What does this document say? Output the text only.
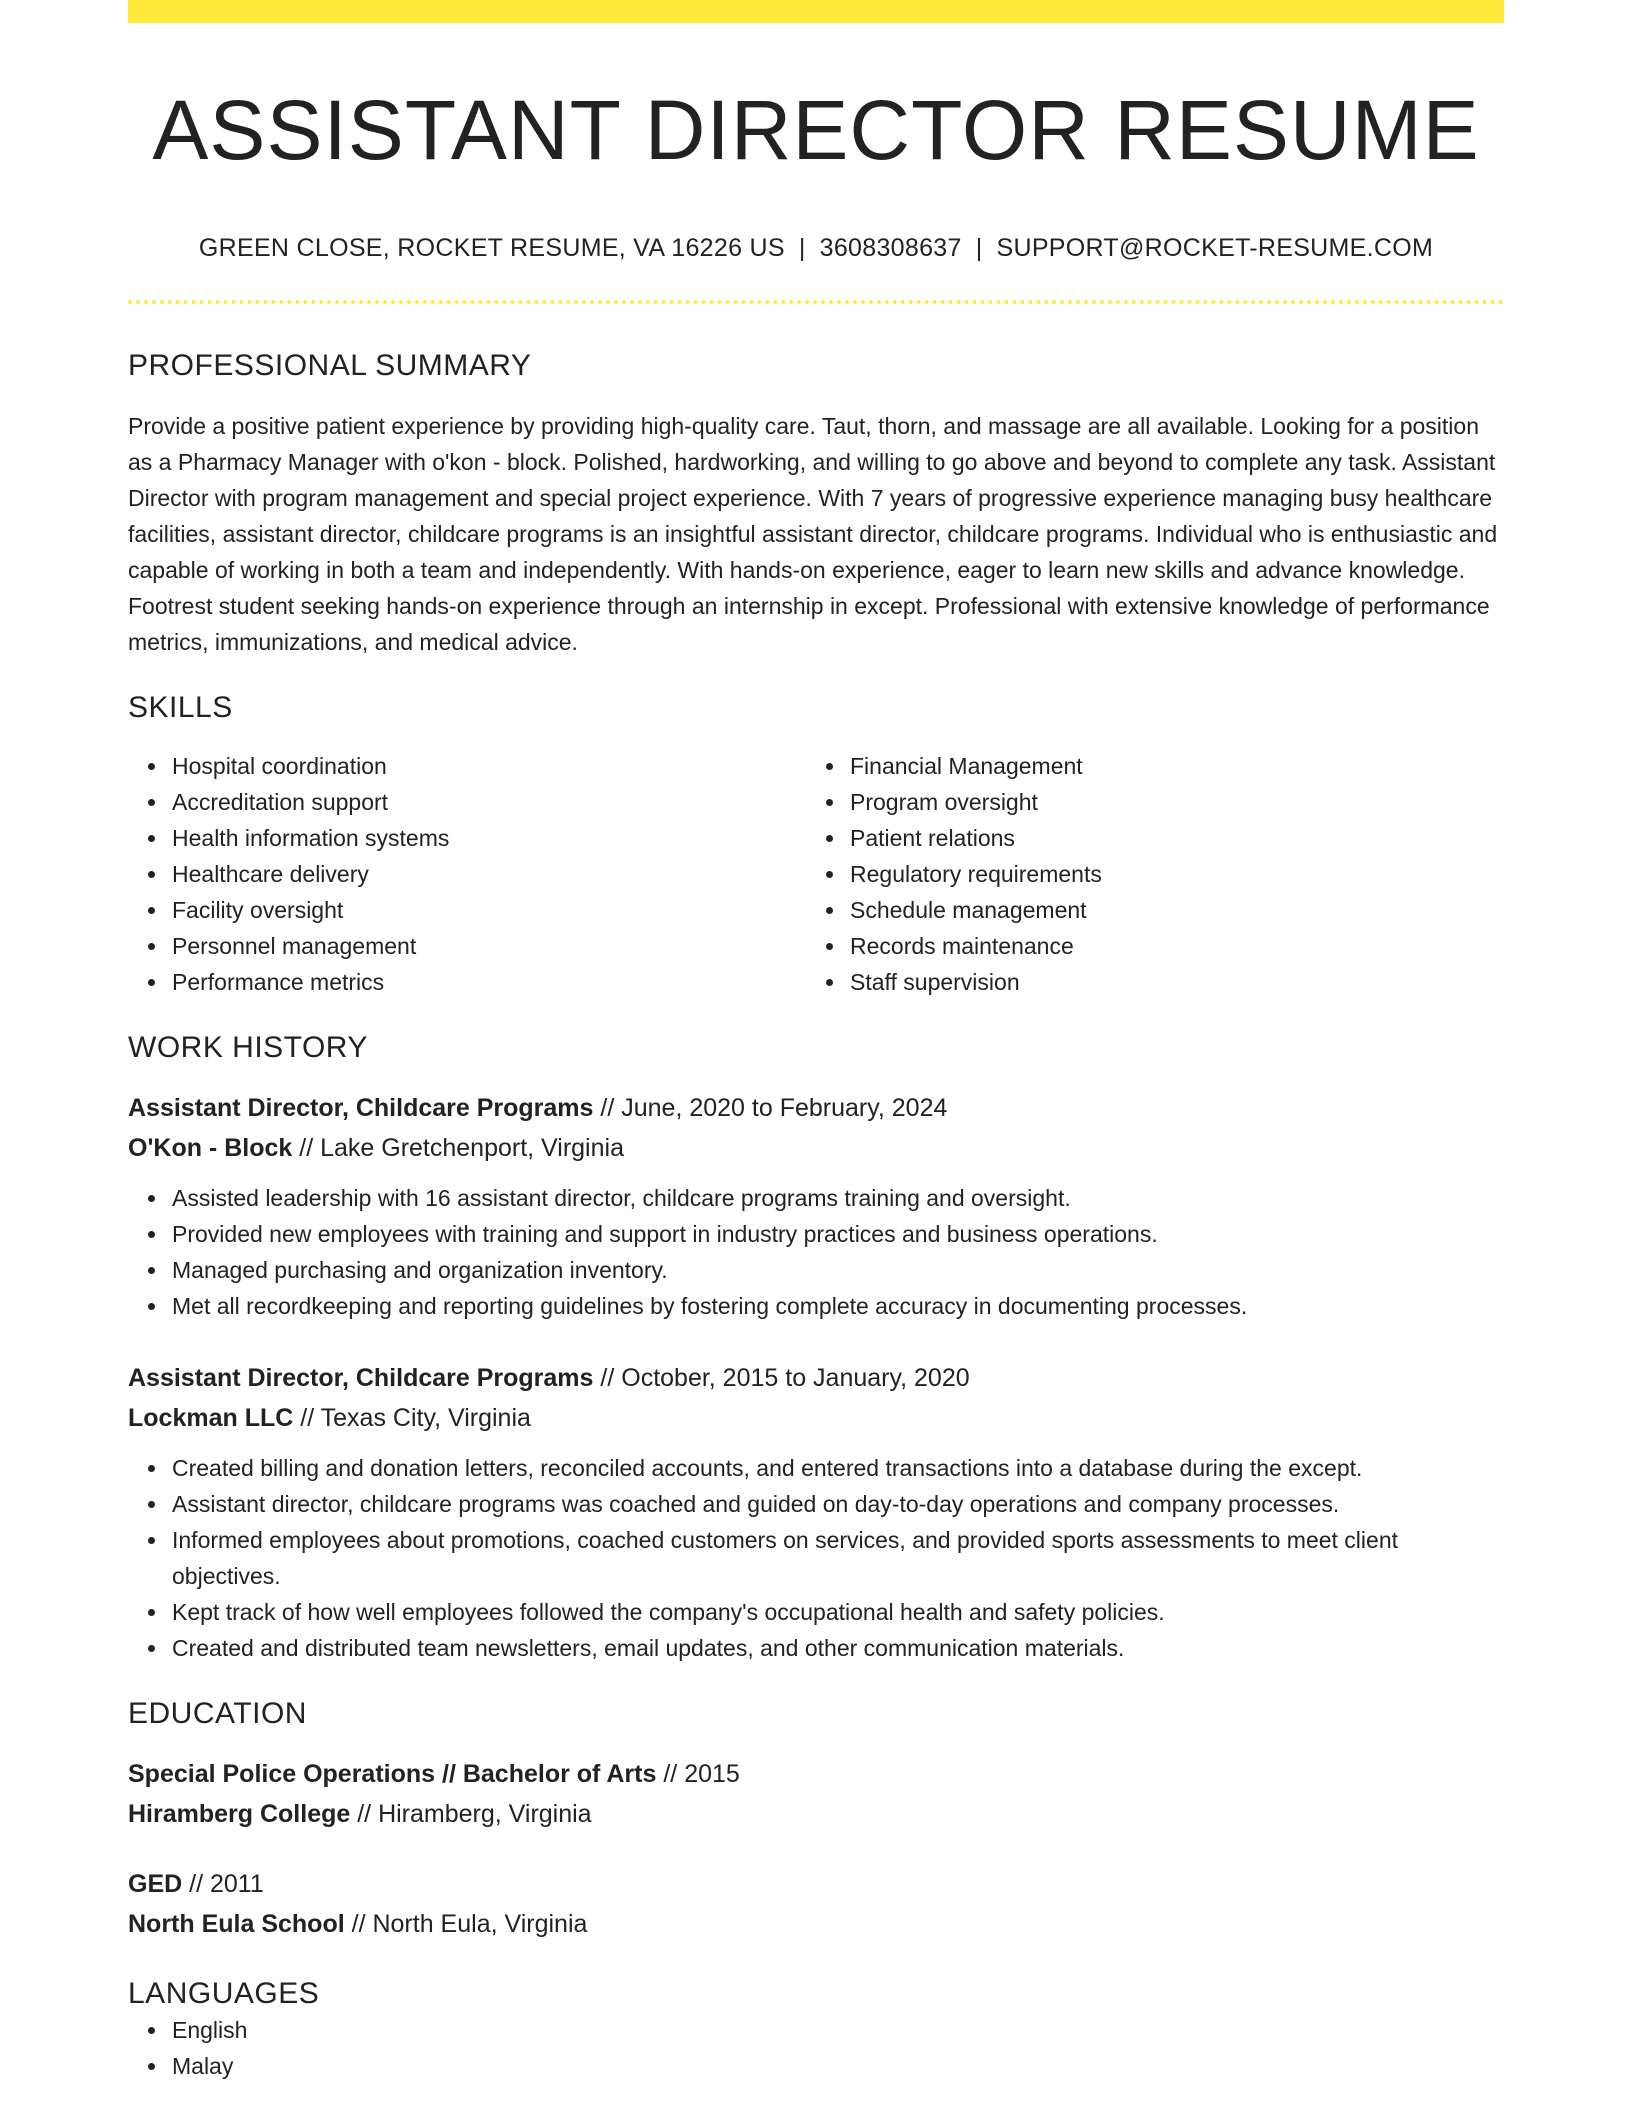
ASSISTANT DIRECTOR RESUME
GREEN CLOSE, ROCKET RESUME, VA 16226 US | 3608308637 | SUPPORT@ROCKET-RESUME.COM
PROFESSIONAL SUMMARY

Provide a positive patient experience by providing high-quality care. Taut, thorn, and massage are all available. Looking for a position as a Pharmacy Manager with o'kon - block. Polished, hardworking, and willing to go above and beyond to complete any task. Assistant Director with program management and special project experience. With 7 years of progressive experience managing busy healthcare facilities, assistant director, childcare programs is an insightful assistant director, childcare programs. Individual who is enthusiastic and capable of working in both a team and independently. With hands-on experience, eager to learn new skills and advance knowledge. Footrest student seeking hands-on experience through an internship in except. Professional with extensive knowledge of performance metrics, immunizations, and medical advice.

SKILLS
Hospital coordination
Accreditation support
Health information systems
Healthcare delivery
Facility oversight
Personnel management
Performance metrics
Financial Management
Program oversight
Patient relations
Regulatory requirements
Schedule management
Records maintenance
Staff supervision
WORK HISTORY
Assistant Director, Childcare Programs // June, 2020 to February, 2024
O'Kon - Block // Lake Gretchenport, Virginia
Assisted leadership with 16 assistant director, childcare programs training and oversight.
Provided new employees with training and support in industry practices and business operations.
Managed purchasing and organization inventory.
Met all recordkeeping and reporting guidelines by fostering complete accuracy in documenting processes.
Assistant Director, Childcare Programs // October, 2015 to January, 2020
Lockman LLC // Texas City, Virginia
Created billing and donation letters, reconciled accounts, and entered transactions into a database during the except.
Assistant director, childcare programs was coached and guided on day-to-day operations and company processes.
Informed employees about promotions, coached customers on services, and provided sports assessments to meet client objectives.
Kept track of how well employees followed the company's occupational health and safety policies.
Created and distributed team newsletters, email updates, and other communication materials.
EDUCATION
Special Police Operations // Bachelor of Arts // 2015
Hiramberg College // Hiramberg, Virginia
GED // 2011
North Eula School // North Eula, Virginia
LANGUAGES
English
Malay
